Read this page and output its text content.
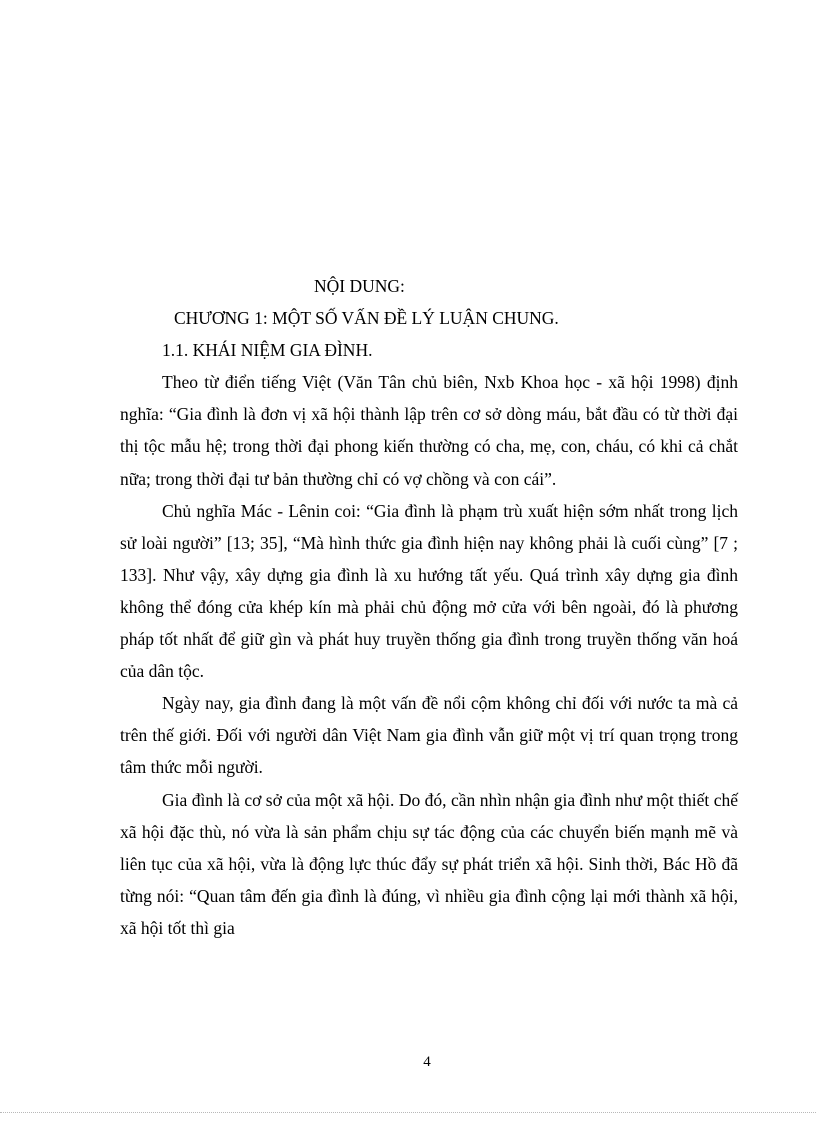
NỘI DUNG:
CHƯƠNG 1: MỘT SỐ VẤN ĐỀ LÝ LUẬN CHUNG.
1.1. KHÁI NIỆM GIA ĐÌNH.

Theo từ điển tiếng Việt (Văn Tân chủ biên, Nxb Khoa học - xã hội 1998) định nghĩa: “Gia đình là đơn vị xã hội thành lập trên cơ sở dòng máu, bắt đầu có từ thời đại thị tộc mẫu hệ; trong thời đại phong kiến thường có cha, mẹ, con, cháu, có khi cả chắt nữa; trong thời đại tư bản thường chỉ có vợ chồng và con cái”.

Chủ nghĩa Mác - Lênin coi: “Gia đình là phạm trù xuất hiện sớm nhất trong lịch sử loài người” [13; 35], “Mà hình thức gia đình hiện nay không phải là cuối cùng” [7 ; 133]. Như vậy, xây dựng gia đình là xu hướng tất yếu. Quá trình xây dựng gia đình không thể đóng cửa khép kín mà phải chủ động mở cửa với bên ngoài, đó là phương pháp tốt nhất để giữ gìn và phát huy truyền thống gia đình trong truyền thống văn hoá của dân tộc.

Ngày nay, gia đình đang là một vấn đề nổi cộm không chỉ đối với nước ta mà cả trên thế giới. Đối với người dân Việt Nam gia đình vẫn giữ một vị trí quan trọng trong tâm thức mỗi người.

Gia đình là cơ sở của một xã hội. Do đó, cần nhìn nhận gia đình như một thiết chế xã hội đặc thù, nó vừa là sản phẩm chịu sự tác động của các chuyển biến mạnh mẽ và liên tục của xã hội, vừa là động lực thúc đẩy sự phát triển xã hội. Sinh thời, Bác Hồ đã từng nói: “Quan tâm đến gia đình là đúng, vì nhiều gia đình cộng lại mới thành xã hội, xã hội tốt thì gia

4
